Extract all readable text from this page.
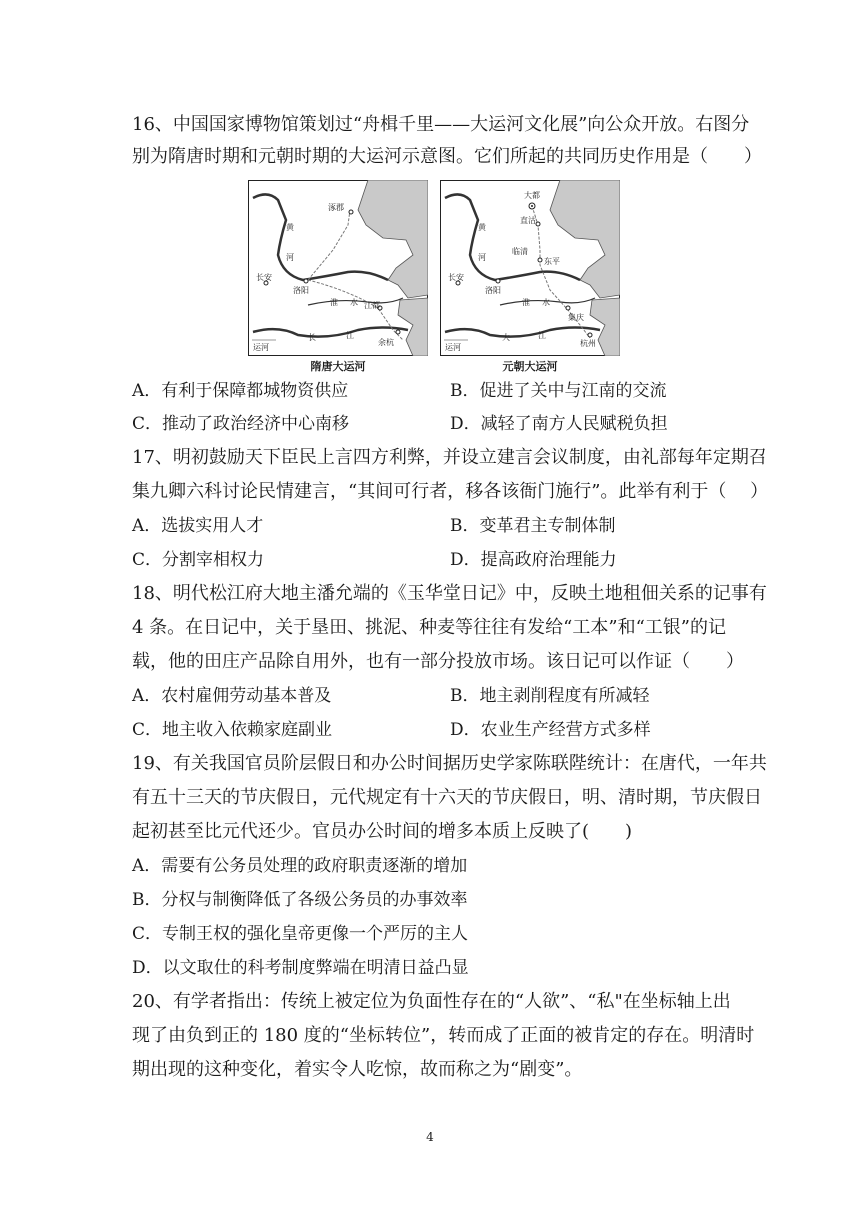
16、中国国家博物馆策划过“舟楫千里——大运河文化展”向公众开放。右图分
别为隋唐时期和元朝时期的大运河示意图。它们所起的共同历史作用是（　　）
涿郡
黄
河
长安
洛阳
淮 水 江都
长	江
余杭
运河
隋唐大运河
大都
直沽
黄
临清
东平
河
长安
洛阳
淮 水
集庆
大	江
杭州
运河
元朝大运河
A．有利于保障都城物资供应	B．促进了关中与江南的交流
C．推动了政治经济中心南移	D．减轻了南方人民赋税负担
17、明初鼓励天下臣民上言四方利弊，并设立建言会议制度，由礼部每年定期召
集九卿六科讨论民情建言，“其间可行者，移各该衙门施行”。此举有利于（　 ）
A．选拔实用人才	B．变革君主专制体制
C．分割宰相权力	D．提高政府治理能力
18、明代松江府大地主潘允端的《玉华堂日记》中，反映土地租佃关系的记事有
4 条。在日记中，关于垦田、挑泥、种麦等往往有发给“工本”和“工银”的记
载，他的田庄产品除自用外，也有一部分投放市场。该日记可以作证（　　）
A．农村雇佣劳动基本普及	B．地主剥削程度有所减轻
C．地主收入依赖家庭副业	D．农业生产经营方式多样
19、有关我国官员阶层假日和办公时间据历史学家陈联陛统计：在唐代，一年共
有五十三天的节庆假日，元代规定有十六天的节庆假日，明、清时期，节庆假日
起初甚至比元代还少。官员办公时间的增多本质上反映了(　　)
A．需要有公务员处理的政府职责逐渐的增加
B．分权与制衡降低了各级公务员的办事效率
C．专制王权的强化皇帝更像一个严厉的主人
D．以文取仕的科考制度弊端在明清日益凸显
20、有学者指出：传统上被定位为负面性存在的“人欲”、“私"在坐标轴上出
现了由负到正的 180 度的“坐标转位”，转而成了正面的被肯定的存在。明清时
期出现的这种变化，着实令人吃惊，故而称之为“剧变”。
4
